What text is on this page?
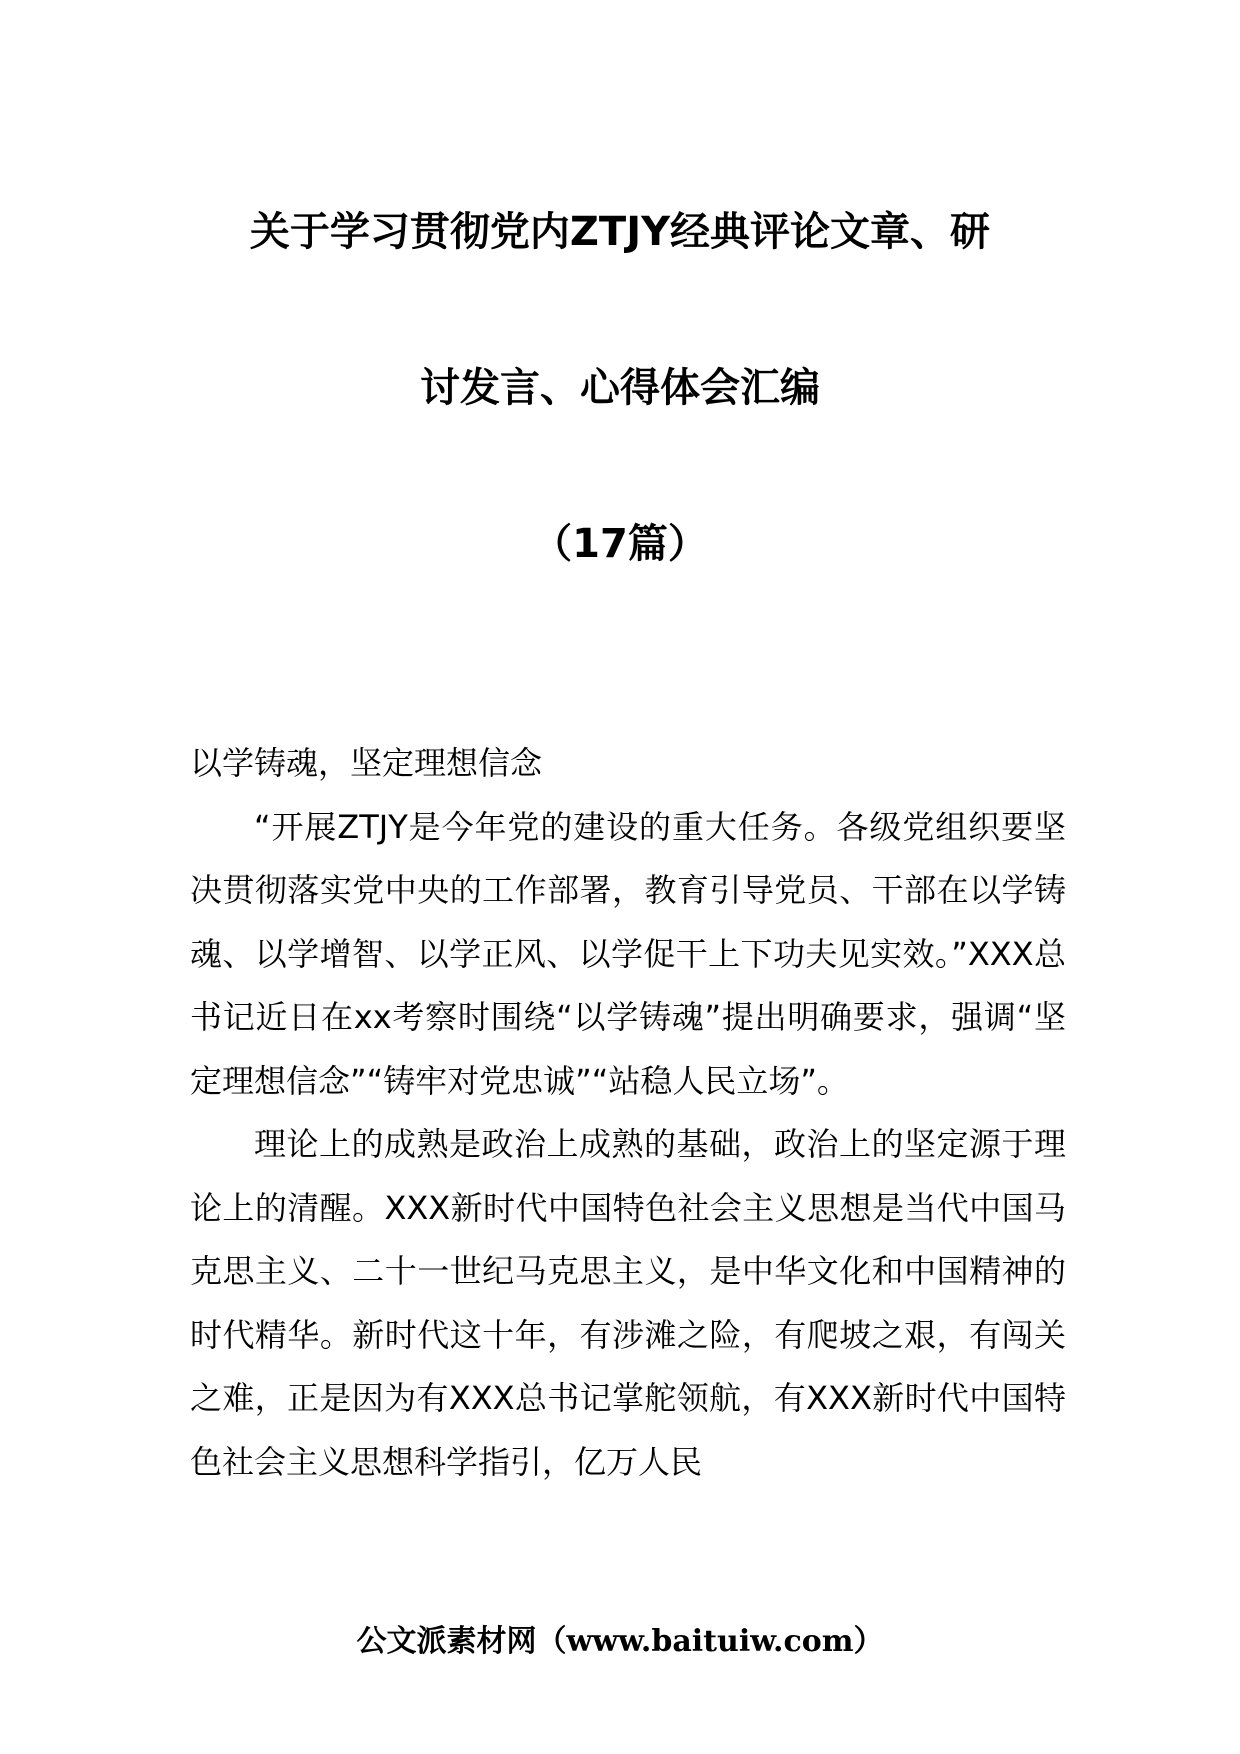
关于学习贯彻党内ZTJY经典评论文章、研
讨发言、心得体会汇编
（17篇）

以学铸魂，坚定理想信念

“开展ZTJY是今年党的建设的重大任务。各级党组织要坚决贯彻落实党中央的工作部署，教育引导党员、干部在以学铸魂、以学增智、以学正风、以学促干上下功夫见实效。”XXX总书记近日在xx考察时围绕“以学铸魂”提出明确要求，强调“坚定理想信念”“铸牢对党忠诚”“站稳人民立场”。

理论上的成熟是政治上成熟的基础，政治上的坚定源于理论上的清醒。XXX新时代中国特色社会主义思想是当代中国马克思主义、二十一世纪马克思主义，是中华文化和中国精神的时代精华。新时代这十年，有涉滩之险，有爬坡之艰，有闯关之难，正是因为有XXX总书记掌舵领航，有XXX新时代中国特色社会主义思想科学指引，亿万人民

公文派素材网（www.baituiw.com）
